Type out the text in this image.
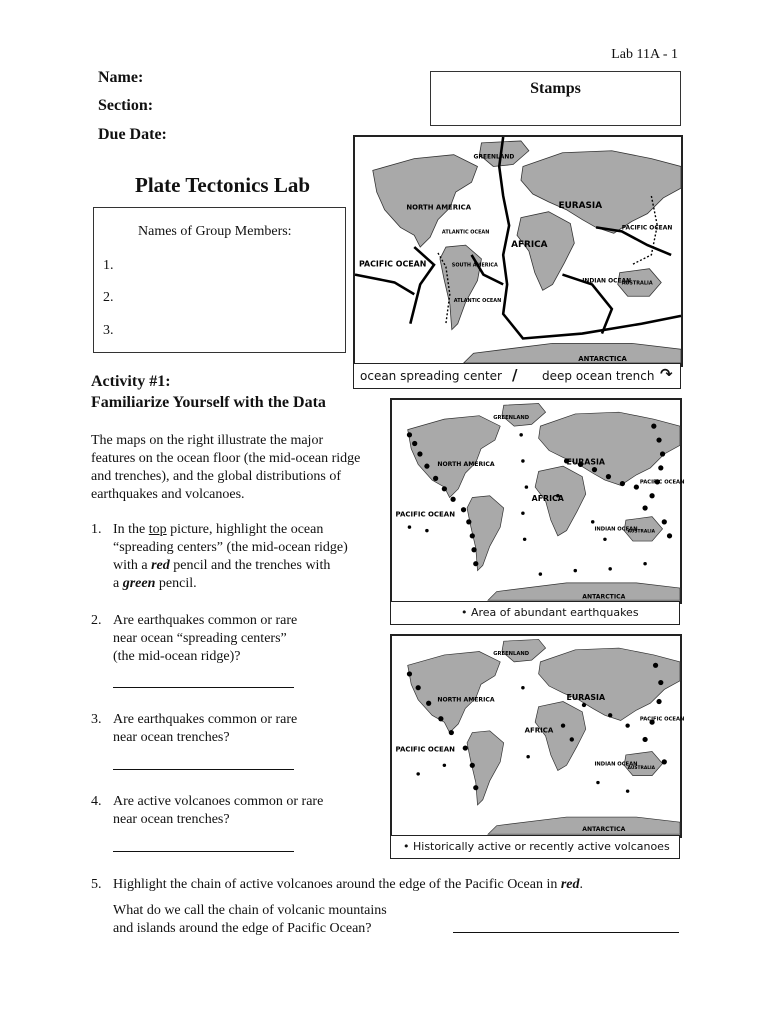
Lab 11A - 1
Name:
Section:
Due Date:
Stamps
Plate Tectonics Lab
Names of Group Members:
1.
2.
3.
Activity #1:
Familiarize Yourself with the Data
The maps on the right illustrate the major
features on the ocean floor (the mid-ocean ridge
and trenches), and the global distributions of
earthquakes and volcanoes.
1. In the top picture, highlight the ocean
“spreading centers” (the mid-ocean ridge)
with a red pencil and the trenches with
a green pencil.
2. Are earthquakes common or rare
near ocean “spreading centers”
(the mid-ocean ridge)?
3. Are earthquakes common or rare
near ocean trenches?
4. Are active volcanoes common or rare
near ocean trenches?
5. Highlight the chain of active volcanoes around the edge of the Pacific Ocean in red.
What do we call the chain of volcanic mountains
and islands around the edge of Pacific Ocean?
GREENLAND
NORTH AMERICA
ATLANTIC OCEAN
EURASIA
PACIFIC OCEAN
PACIFIC OCEAN
AFRICA
SOUTH AMERICA
INDIAN OCEAN
AUSTRALIA
ATLANTIC OCEAN
ANTARCTICA
ocean spreading center / deep ocean trench ↷
GREENLAND
NORTH AMERICA	EURASIA
PACIFIC OCEAN
PACIFIC OCEAN
AFRICA
INDIAN OCEAN
AUSTRALIA
ANTARCTICA
• Area of abundant earthquakes
GREENLAND
NORTH AMERICA	EURASIA
PACIFIC OCEAN
PACIFIC OCEAN
AFRICA
INDIAN OCEAN
AUSTRALIA
ANTARCTICA
• Historically active or recently active volcanoes
